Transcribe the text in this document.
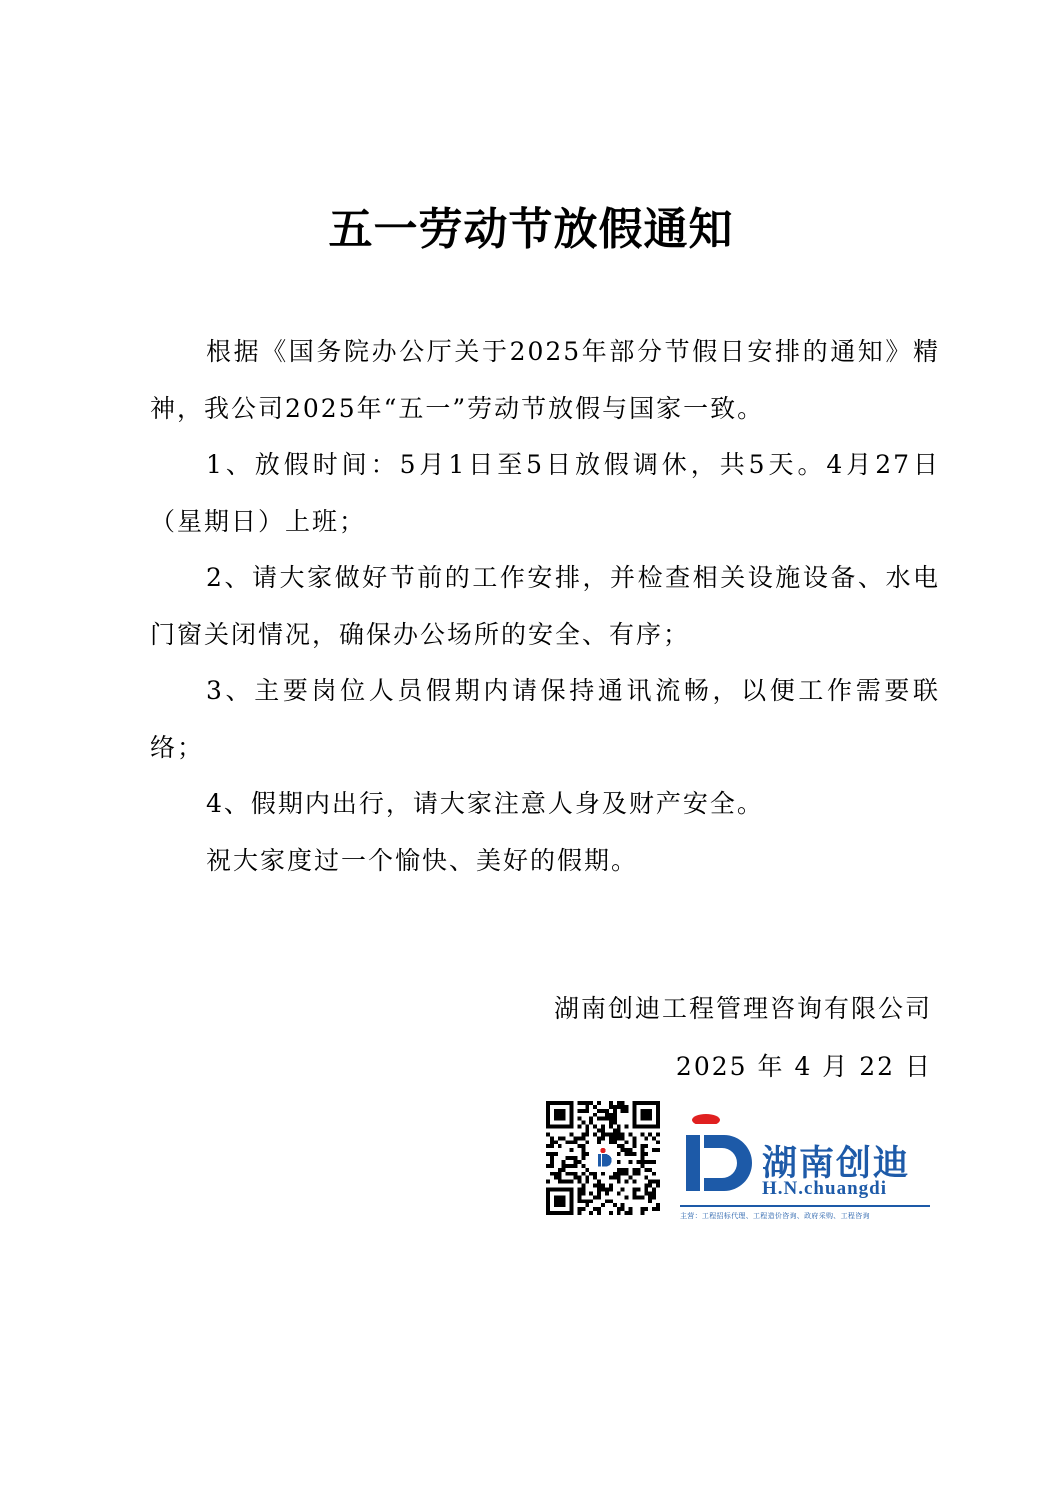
五一劳动节放假通知

根据《国务院办公厅关于2025年部分节假日安排的通知》精神，我公司2025年“五一”劳动节放假与国家一致。

1、放假时间：5月1日至5日放假调休，共5天。4月27日（星期日）上班；

2、请大家做好节前的工作安排，并检查相关设施设备、水电门窗关闭情况，确保办公场所的安全、有序；

3、主要岗位人员假期内请保持通讯流畅，以便工作需要联络；

4、假期内出行，请大家注意人身及财产安全。

祝大家度过一个愉快、美好的假期。

湖南创迪工程管理咨询有限公司
2025 年 4 月 22 日
湖南创迪
H.N.chuangdi
主营：工程招标代理、工程造价咨询、政府采购、工程咨询
